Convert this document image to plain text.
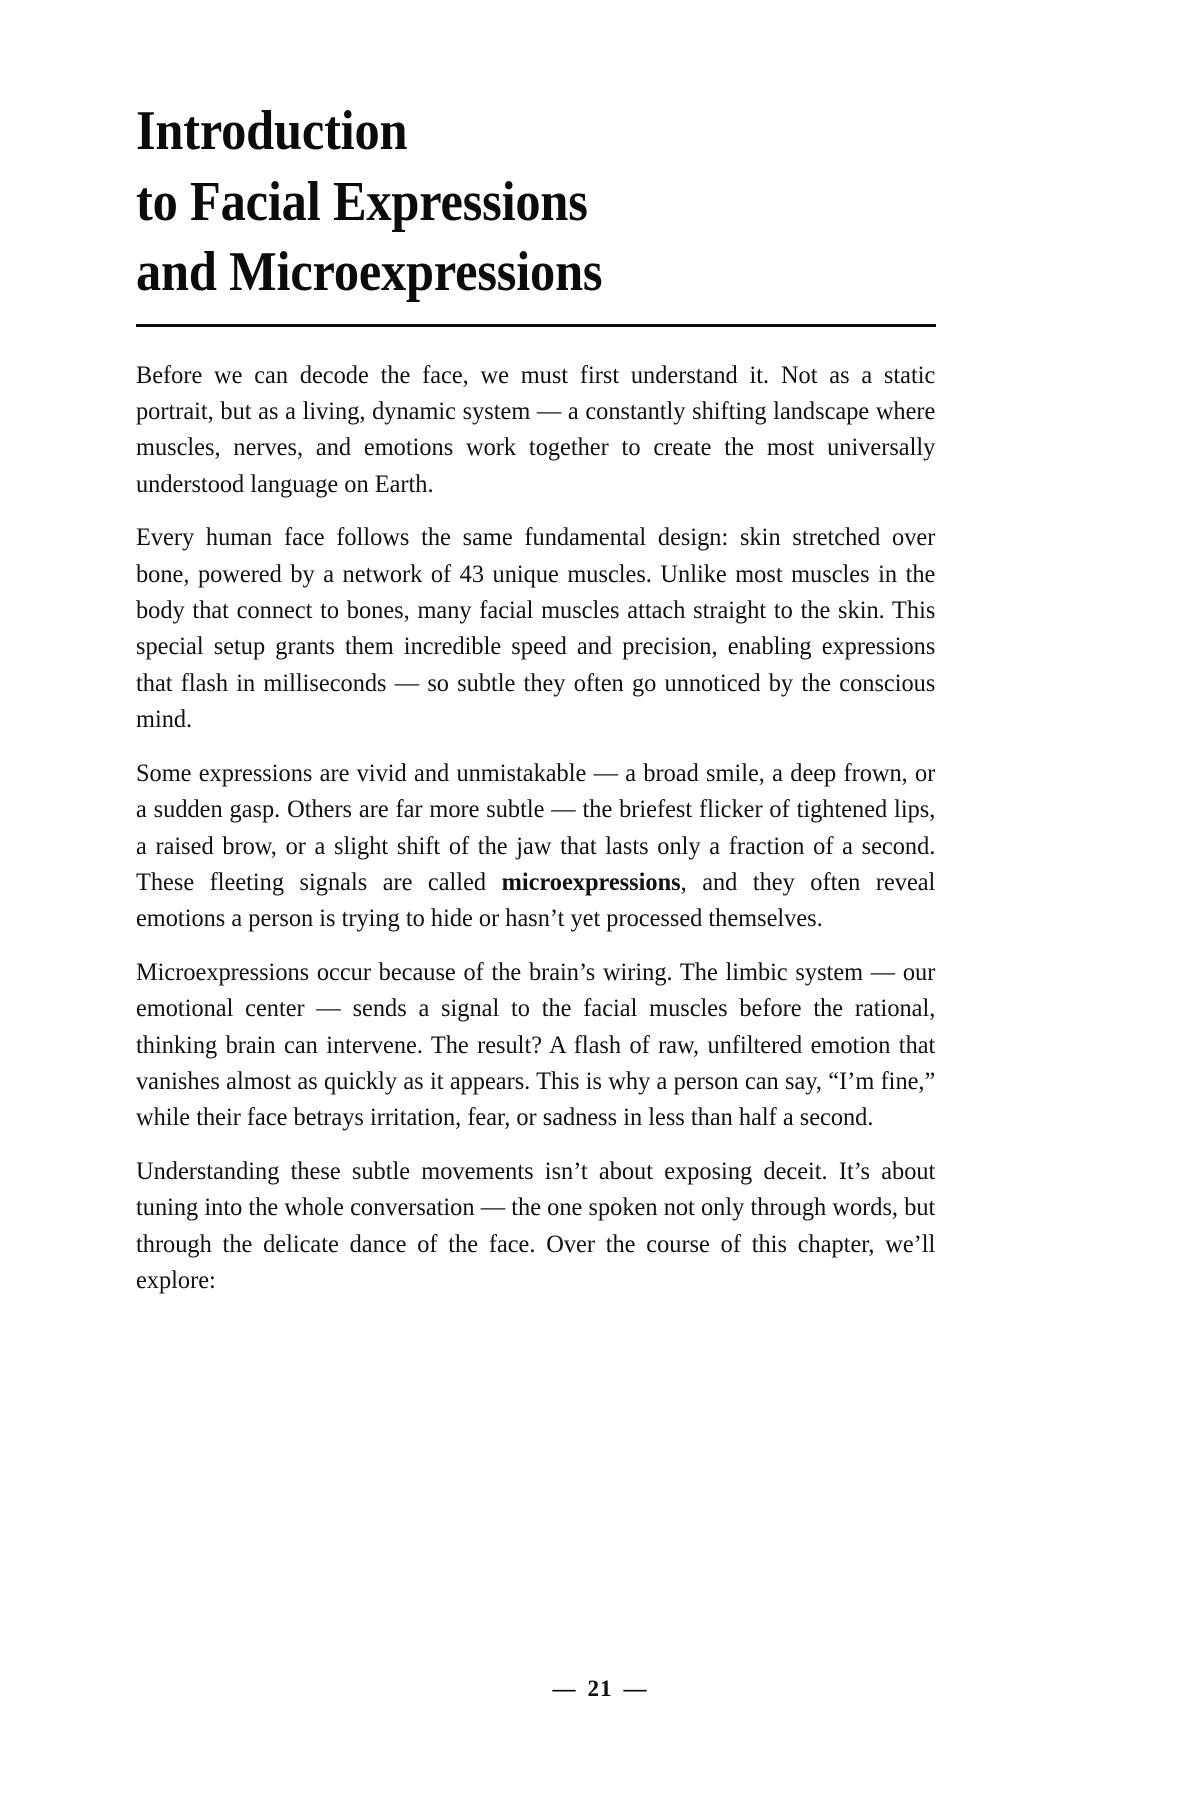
Introduction
to Facial Expressions
and Microexpressions

Before we can decode the face, we must first understand it. Not as a static portrait, but as a living, dynamic system — a constantly shifting landscape where muscles, nerves, and emotions work together to create the most universally understood language on Earth.

Every human face follows the same fundamental design: skin stretched over bone, powered by a network of 43 unique muscles. Unlike most muscles in the body that connect to bones, many facial muscles attach straight to the skin. This special setup grants them incredible speed and precision, enabling expressions that flash in milliseconds — so subtle they often go unnoticed by the conscious mind.

Some expressions are vivid and unmistakable — a broad smile, a deep frown, or a sudden gasp. Others are far more subtle — the briefest flicker of tightened lips, a raised brow, or a slight shift of the jaw that lasts only a fraction of a second. These fleeting signals are called microexpressions, and they often reveal emotions a person is trying to hide or hasn’t yet processed themselves.

Microexpressions occur because of the brain’s wiring. The limbic system — our emotional center — sends a signal to the facial muscles before the rational, thinking brain can intervene. The result? A flash of raw, unfiltered emotion that vanishes almost as quickly as it appears. This is why a person can say, “I’m fine,” while their face betrays irritation, fear, or sadness in less than half a second.

Understanding these subtle movements isn’t about exposing deceit. It’s about tuning into the whole conversation — the one spoken not only through words, but through the delicate dance of the face. Over the course of this chapter, we’ll explore:

— 21 —
